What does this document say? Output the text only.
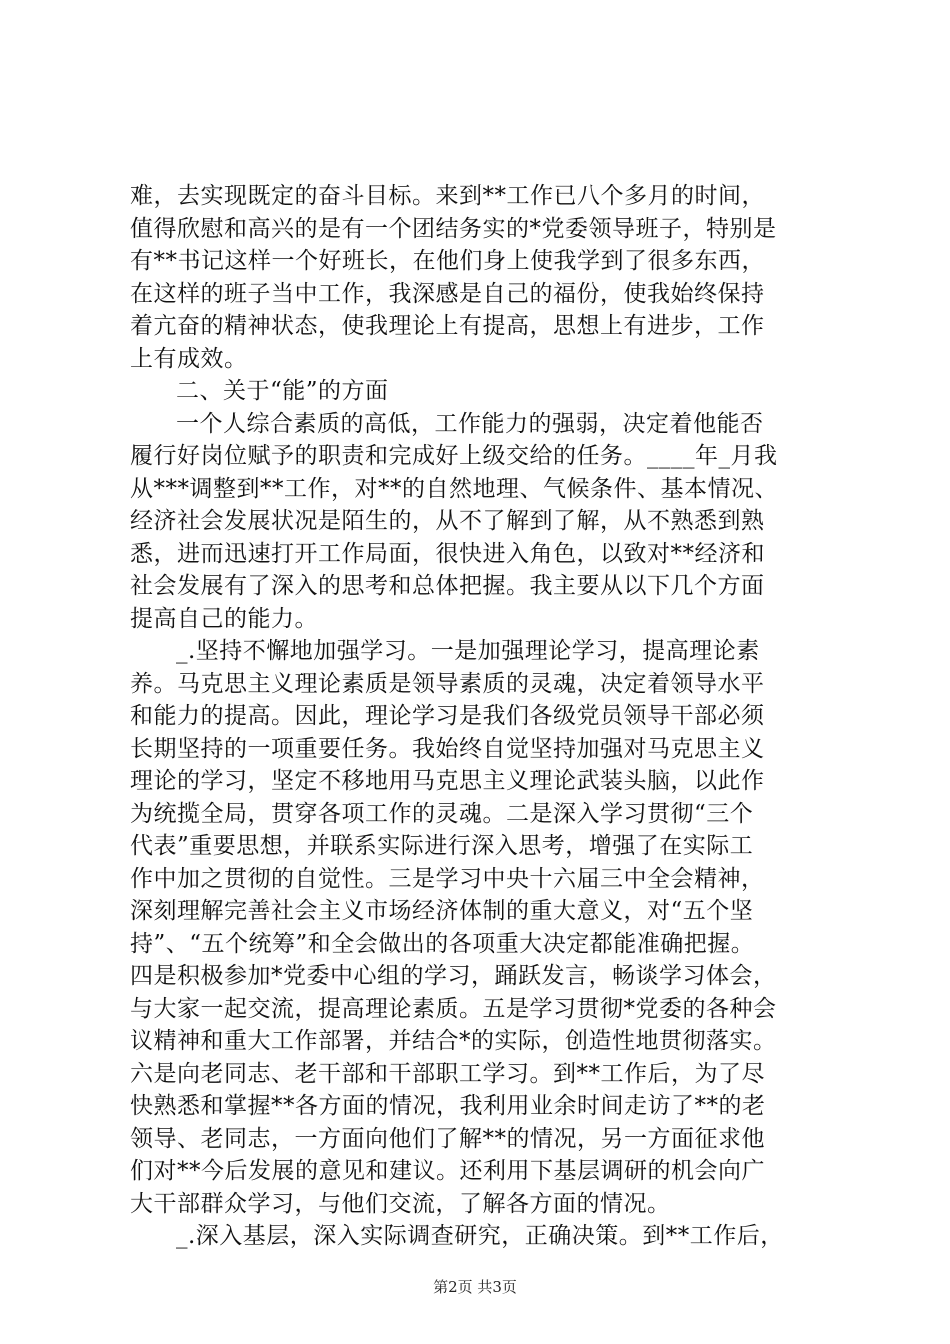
难，去实现既定的奋斗目标。来到**工作已八个多月的时间，
值得欣慰和高兴的是有一个团结务实的*党委领导班子，特别是
有**书记这样一个好班长，在他们身上使我学到了很多东西，
在这样的班子当中工作，我深感是自己的福份，使我始终保持
着亢奋的精神状态，使我理论上有提高，思想上有进步，工作
上有成效。
二、关于“能”的方面
一个人综合素质的高低，工作能力的强弱，决定着他能否
履行好岗位赋予的职责和完成好上级交给的任务。____年_月我
从***调整到**工作，对**的自然地理、气候条件、基本情况、
经济社会发展状况是陌生的，从不了解到了解，从不熟悉到熟
悉，进而迅速打开工作局面，很快进入角色，以致对**经济和
社会发展有了深入的思考和总体把握。我主要从以下几个方面
提高自己的能力。
_.坚持不懈地加强学习。一是加强理论学习，提高理论素
养。马克思主义理论素质是领导素质的灵魂，决定着领导水平
和能力的提高。因此，理论学习是我们各级党员领导干部必须
长期坚持的一项重要任务。我始终自觉坚持加强对马克思主义
理论的学习，坚定不移地用马克思主义理论武装头脑，以此作
为统揽全局，贯穿各项工作的灵魂。二是深入学习贯彻“三个
代表”重要思想，并联系实际进行深入思考，增强了在实际工
作中加之贯彻的自觉性。三是学习中央十六届三中全会精神，
深刻理解完善社会主义市场经济体制的重大意义，对“五个坚
持”、“五个统筹”和全会做出的各项重大决定都能准确把握。
四是积极参加*党委中心组的学习，踊跃发言，畅谈学习体会，
与大家一起交流，提高理论素质。五是学习贯彻*党委的各种会
议精神和重大工作部署，并结合*的实际，创造性地贯彻落实。
六是向老同志、老干部和干部职工学习。到**工作后，为了尽
快熟悉和掌握**各方面的情况，我利用业余时间走访了**的老
领导、老同志，一方面向他们了解**的情况，另一方面征求他
们对**今后发展的意见和建议。还利用下基层调研的机会向广
大干部群众学习，与他们交流，了解各方面的情况。
_.深入基层，深入实际调查研究，正确决策。到**工作后，
第2页 共3页
